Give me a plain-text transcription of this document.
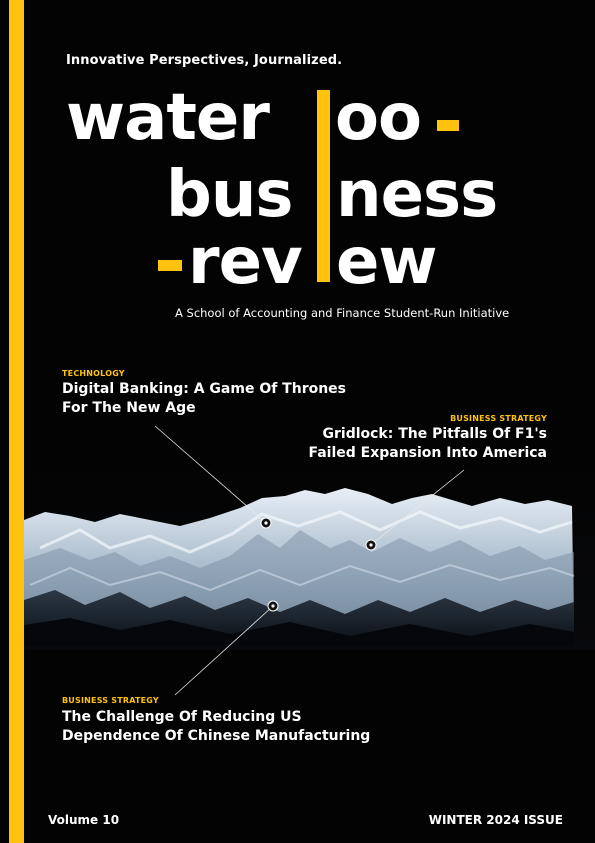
Innovative Perspectives, Journalized.
water oo
bus ness
rev ew
A School of Accounting and Finance Student-Run Initiative
TECHNOLOGY
Digital Banking: A Game Of Thrones
For The New Age
BUSINESS STRATEGY
Gridlock: The Pitfalls Of F1's
Failed Expansion Into America
BUSINESS STRATEGY
The Challenge Of Reducing US
Dependence Of Chinese Manufacturing
Volume 10	WINTER 2024 ISSUE
